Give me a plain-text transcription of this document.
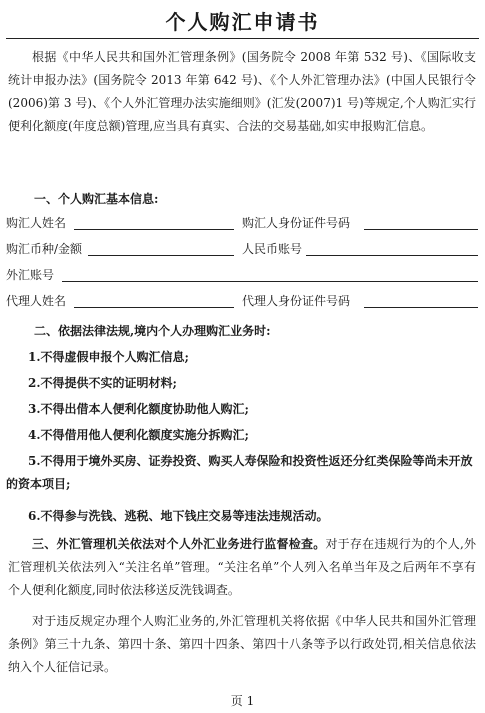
个人购汇申请书

根据《中华人民共和国外汇管理条例》(国务院令 2008 年第 532 号)、《国际收支统计申报办法》(国务院令 2013 年第 642 号)、《个人外汇管理办法》(中国人民银行令(2006)第 3 号)、《个人外汇管理办法实施细则》(汇发(2007)1 号)等规定,个人购汇实行便利化额度(年度总额)管理,应当具有真实、合法的交易基础,如实申报购汇信息。

一、个人购汇基本信息:
购汇人姓名	购汇人身份证件号码
购汇币种/金额	人民币账号
外汇账号
代理人姓名	代理人身份证件号码
二、依据法律法规,境内个人办理购汇业务时:
1.不得虚假申报个人购汇信息;
2.不得提供不实的证明材料;
3.不得出借本人便利化额度协助他人购汇;
4.不得借用他人便利化额度实施分拆购汇;
5.不得用于境外买房、证券投资、购买人寿保险和投资性返还分红类保险等尚未开放的资本项目;
6.不得参与洗钱、逃税、地下钱庄交易等违法违规活动。

三、外汇管理机关依法对个人外汇业务进行监督检查。对于存在违规行为的个人,外汇管理机关依法列入“关注名单”管理。“关注名单”个人列入名单当年及之后两年不享有个人便利化额度,同时依法移送反洗钱调查。

对于违反规定办理个人购汇业务的,外汇管理机关将依据《中华人民共和国外汇管理条例》第三十九条、第四十条、第四十四条、第四十八条等予以行政处罚,相关信息依法纳入个人征信记录。

页 1
